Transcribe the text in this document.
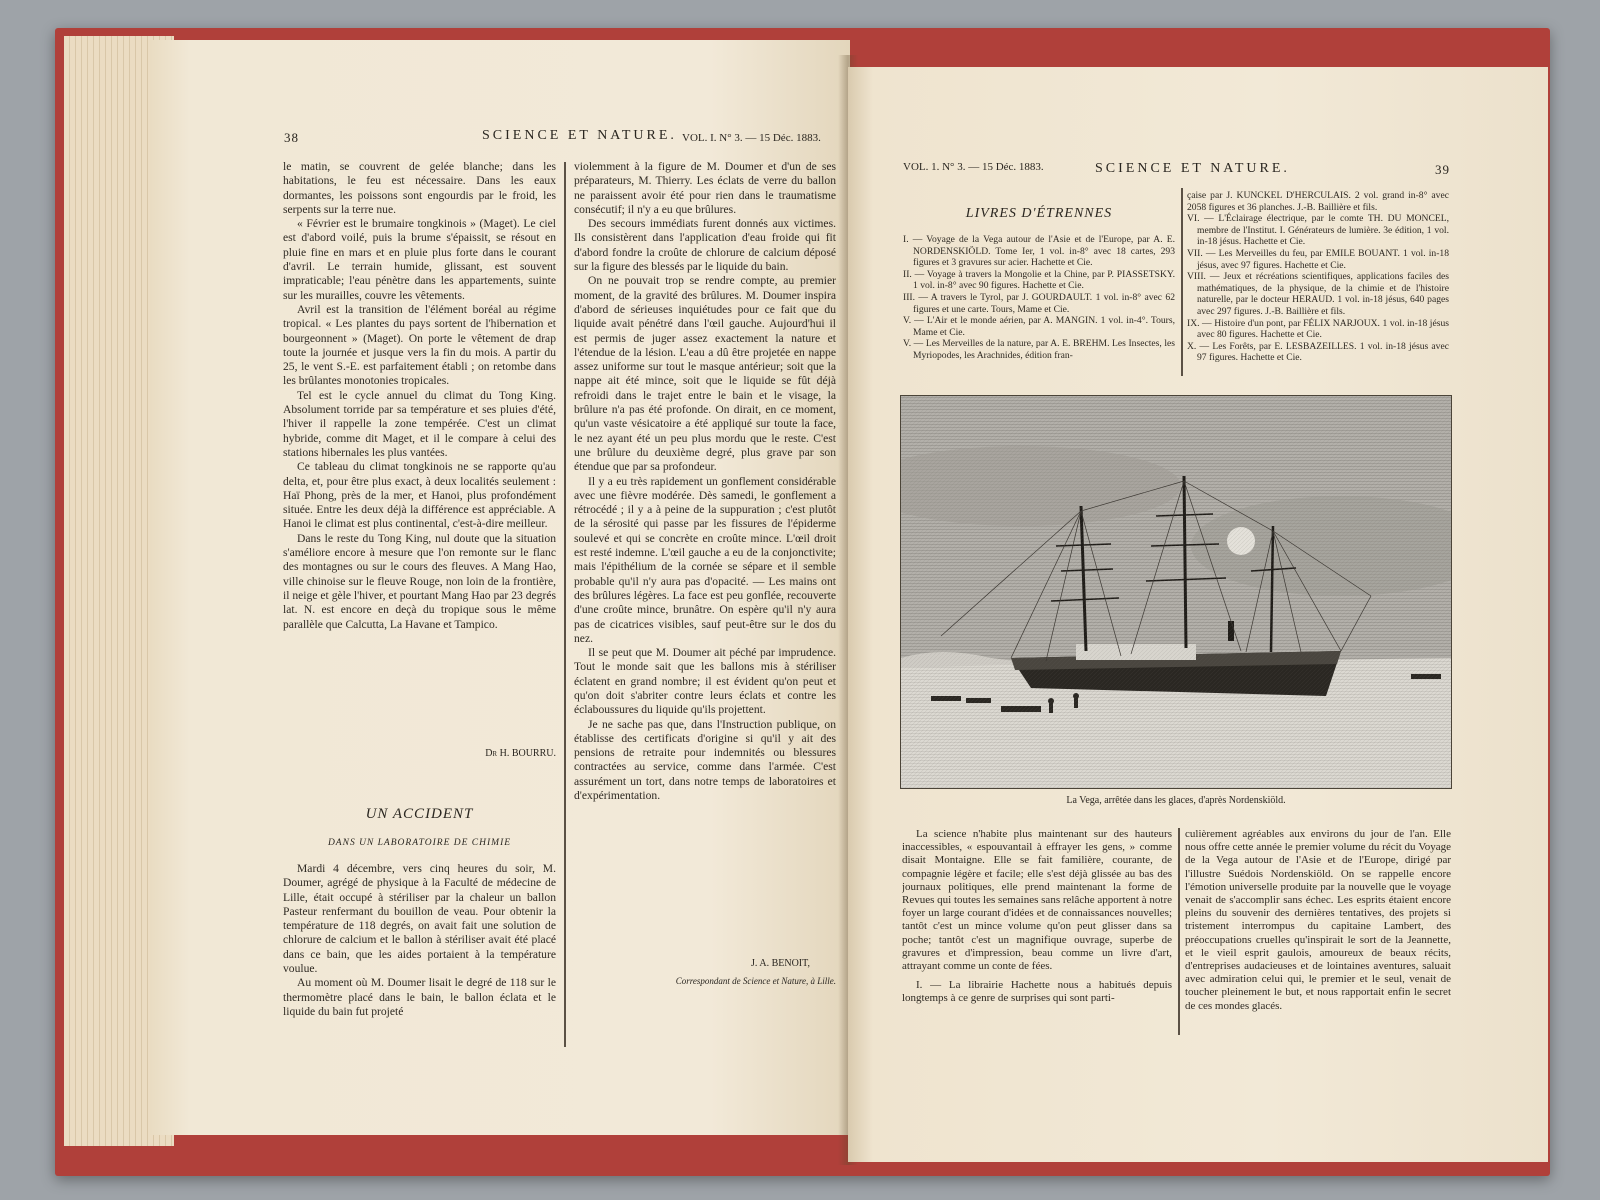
38	SCIENCE ET NATURE. VOL. I. N° 3. — 15 Déc. 1883.

le matin, se couvrent de gelée blanche; dans les habitations, le feu est nécessaire. Dans les eaux dormantes, les poissons sont engourdis par le froid, les serpents sur la terre nue.

« Février est le brumaire tongkinois » (Maget). Le ciel est d'abord voilé, puis la brume s'épaissit, se résout en pluie fine en mars et en pluie plus forte dans le courant d'avril. Le terrain humide, glissant, est souvent impraticable; l'eau pénètre dans les appartements, suinte sur les murailles, couvre les vêtements.

Avril est la transition de l'élément boréal au régime tropical. « Les plantes du pays sortent de l'hibernation et bourgeonnent » (Maget). On porte le vêtement de drap toute la journée et jusque vers la fin du mois. A partir du 25, le vent S.-E. est parfaitement établi ; on retombe dans les brûlantes monotonies tropicales.

Tel est le cycle annuel du climat du Tong King. Absolument torride par sa température et ses pluies d'été, l'hiver il rappelle la zone tempérée. C'est un climat hybride, comme dit Maget, et il le compare à celui des stations hibernales les plus vantées.

Ce tableau du climat tongkinois ne se rapporte qu'au delta, et, pour être plus exact, à deux localités seulement : Haï Phong, près de la mer, et Hanoi, plus profondément située. Entre les deux déjà la différence est appréciable. A Hanoi le climat est plus continental, c'est-à-dire meilleur.

Dans le reste du Tong King, nul doute que la situation s'améliore encore à mesure que l'on remonte sur le flanc des montagnes ou sur le cours des fleuves. A Mang Hao, ville chinoise sur le fleuve Rouge, non loin de la frontière, il neige et gèle l'hiver, et pourtant Mang Hao par 23 degrés lat. N. est encore en deçà du tropique sous le même parallèle que Calcutta, La Havane et Tampico.

Dr H. BOURRU.
UN ACCIDENT
DANS UN LABORATOIRE DE CHIMIE

Mardi 4 décembre, vers cinq heures du soir, M. Doumer, agrégé de physique à la Faculté de médecine de Lille, était occupé à stériliser par la chaleur un ballon Pasteur renfermant du bouillon de veau. Pour obtenir la température de 118 degrés, on avait fait une solution de chlorure de calcium et le ballon à stériliser avait été placé dans ce bain, que les aides portaient à la température voulue.

Au moment où M. Doumer lisait le degré de 118 sur le thermomètre placé dans le bain, le ballon éclata et le liquide du bain fut projeté

violemment à la figure de M. Doumer et d'un de ses préparateurs, M. Thierry. Les éclats de verre du ballon ne paraissent avoir été pour rien dans le traumatisme consécutif; il n'y a eu que brûlures.

Des secours immédiats furent donnés aux victimes. Ils consistèrent dans l'application d'eau froide qui fit d'abord fondre la croûte de chlorure de calcium déposé sur la figure des blessés par le liquide du bain.

On ne pouvait trop se rendre compte, au premier moment, de la gravité des brûlures. M. Doumer inspira d'abord de sérieuses inquiétudes pour ce fait que du liquide avait pénétré dans l'œil gauche. Aujourd'hui il est permis de juger assez exactement la nature et l'étendue de la lésion. L'eau a dû être projetée en nappe assez uniforme sur tout le masque antérieur; soit que la nappe ait été mince, soit que le liquide se fût déjà refroidi dans le trajet entre le bain et le visage, la brûlure n'a pas été profonde. On dirait, en ce moment, qu'un vaste vésicatoire a été appliqué sur toute la face, le nez ayant été un peu plus mordu que le reste. C'est une brûlure du deuxième degré, plus grave par son étendue que par sa profondeur.

Il y a eu très rapidement un gonflement considérable avec une fièvre modérée. Dès samedi, le gonflement a rétrocédé ; il y a à peine de la suppuration ; c'est plutôt de la sérosité qui passe par les fissures de l'épiderme soulevé et qui se concrète en croûte mince. L'œil droit est resté indemne. L'œil gauche a eu de la conjonctivite; mais l'épithélium de la cornée se sépare et il semble probable qu'il n'y aura pas d'opacité. — Les mains ont des brûlures légères. La face est peu gonflée, recouverte d'une croûte mince, brunâtre. On espère qu'il n'y aura pas de cicatrices visibles, sauf peut-être sur le dos du nez.

Il se peut que M. Doumer ait péché par imprudence. Tout le monde sait que les ballons mis à stériliser éclatent en grand nombre; il est évident qu'on peut et qu'on doit s'abriter contre leurs éclats et contre les éclaboussures du liquide qu'ils projettent.

Je ne sache pas que, dans l'Instruction publique, on établisse des certificats d'origine si qu'il y ait des pensions de retraite pour indemnités ou blessures contractées au service, comme dans l'armée. C'est assurément un tort, dans notre temps de laboratoires et d'expérimentation.

J. A. BENOIT,
Correspondant de Science et Nature, à Lille.
VOL. 1. N° 3. — 15 Déc. 1883.	SCIENCE ET NATURE.	39
LIVRES D'ÉTRENNES

I. — Voyage de la Vega autour de l'Asie et de l'Europe, par A. E. NORDENSKIÖLD. Tome Ier, 1 vol. in-8° avec 18 cartes, 293 figures et 3 gravures sur acier. Hachette et Cie.

II. — Voyage à travers la Mongolie et la Chine, par P. PIASSETSKY. 1 vol. in-8° avec 90 figures. Hachette et Cie.

III. — A travers le Tyrol, par J. GOURDAULT. 1 vol. in-8° avec 62 figures et une carte. Tours, Mame et Cie.

V. — L'Air et le monde aérien, par A. MANGIN. 1 vol. in-4°. Tours, Mame et Cie.

V. — Les Merveilles de la nature, par A. E. BREHM. Les Insectes, les Myriopodes, les Arachnides, édition fran-

çaise par J. KUNCKEL D'HERCULAIS. 2 vol. grand in-8° avec 2058 figures et 36 planches. J.-B. Baillière et fils.

VI. — L'Éclairage électrique, par le comte TH. DU MONCEL, membre de l'Institut. I. Générateurs de lumière. 3e édition, 1 vol. in-18 jésus. Hachette et Cie.

VII. — Les Merveilles du feu, par EMILE BOUANT. 1 vol. in-18 jésus, avec 97 figures. Hachette et Cie.

VIII. — Jeux et récréations scientifiques, applications faciles des mathématiques, de la physique, de la chimie et de l'histoire naturelle, par le docteur HERAUD. 1 vol. in-18 jésus, 640 pages avec 297 figures. J.-B. Baillière et fils.

IX. — Histoire d'un pont, par FÉLIX NARJOUX. 1 vol. in-18 jésus avec 80 figures. Hachette et Cie.

X. — Les Forêts, par E. LESBAZEILLES. 1 vol. in-18 jésus avec 97 figures. Hachette et Cie.

La Vega, arrêtée dans les glaces, d'après Nordenskiöld.

La science n'habite plus maintenant sur des hauteurs inaccessibles, « espouvantail à effrayer les gens, » comme disait Montaigne. Elle se fait familière, courante, de compagnie légère et facile; elle s'est déjà glissée au bas des journaux politiques, elle prend maintenant la forme de Revues qui toutes les semaines sans relâche apportent à notre foyer un large courant d'idées et de connaissances nouvelles; tantôt c'est un mince volume qu'on peut glisser dans sa poche; tantôt c'est un magnifique ouvrage, superbe de gravures et d'impression, beau comme un livre d'art, attrayant comme un conte de fées.

I. — La librairie Hachette nous a habitués depuis longtemps à ce genre de surprises qui sont parti-

culièrement agréables aux environs du jour de l'an. Elle nous offre cette année le premier volume du récit du Voyage de la Vega autour de l'Asie et de l'Europe, dirigé par l'illustre Suédois Nordenskiöld. On se rappelle encore l'émotion universelle produite par la nouvelle que le voyage venait de s'accomplir sans échec. Les esprits étaient encore pleins du souvenir des dernières tentatives, des projets si tristement interrompus du capitaine Lambert, des préoccupations cruelles qu'inspirait le sort de la Jeannette, et le vieil esprit gaulois, amoureux de beaux récits, d'entreprises audacieuses et de lointaines aventures, saluait avec admiration celui qui, le premier et le seul, venait de toucher pleinement le but, et nous rapportait enfin le secret de ces mondes glacés.
